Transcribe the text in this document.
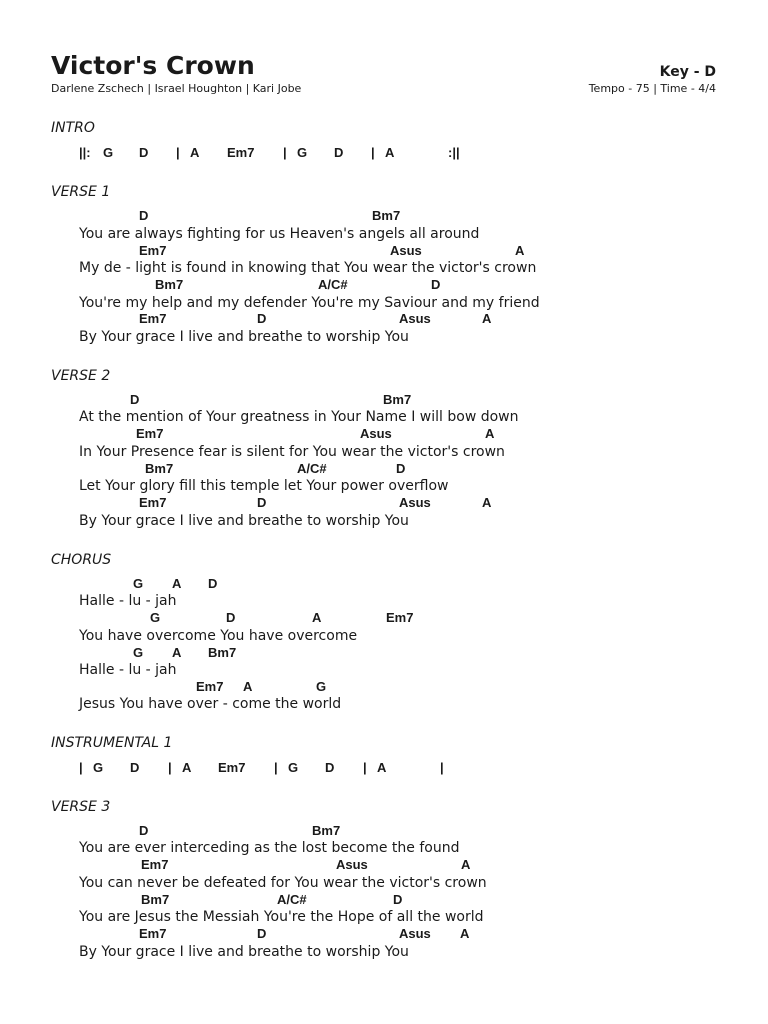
Victor's Crown
Darlene Zschech | Israel Houghton | Kari Jobe
Key - D
Tempo - 75 | Time - 4/4
INTRO
||: G D | A Em7 | G D | A	:||
VERSE 1
D	Bm7
You are always fighting for us Heaven's angels all around
Em7	Asus	A
My de - light is found in knowing that You wear the victor's crown
Bm7	A/C#	D
You're my help and my defender You're my Saviour and my friend
Em7	D	Asus	A
By Your grace I live and breathe to worship You
VERSE 2
D	Bm7
At the mention of Your greatness in Your Name I will bow down
Em7	Asus	A
In Your Presence fear is silent for You wear the victor's crown
Bm7	A/C#	D
Let Your glory fill this temple let Your power overflow
Em7	D	Asus	A
By Your grace I live and breathe to worship You
CHORUS
G A D
Halle - lu - jah
G	D	A	Em7
You have overcome You have overcome
G A Bm7
Halle - lu - jah
Em7 A	G
Jesus You have over - come the world
INSTRUMENTAL 1
| G D | A Em7 | G D | A	|
VERSE 3
D	Bm7
You are ever interceding as the lost become the found
Em7	Asus	A
You can never be defeated for You wear the victor's crown
Bm7	A/C#	D
You are Jesus the Messiah You're the Hope of all the world
Em7	D	Asus A
By Your grace I live and breathe to worship You
